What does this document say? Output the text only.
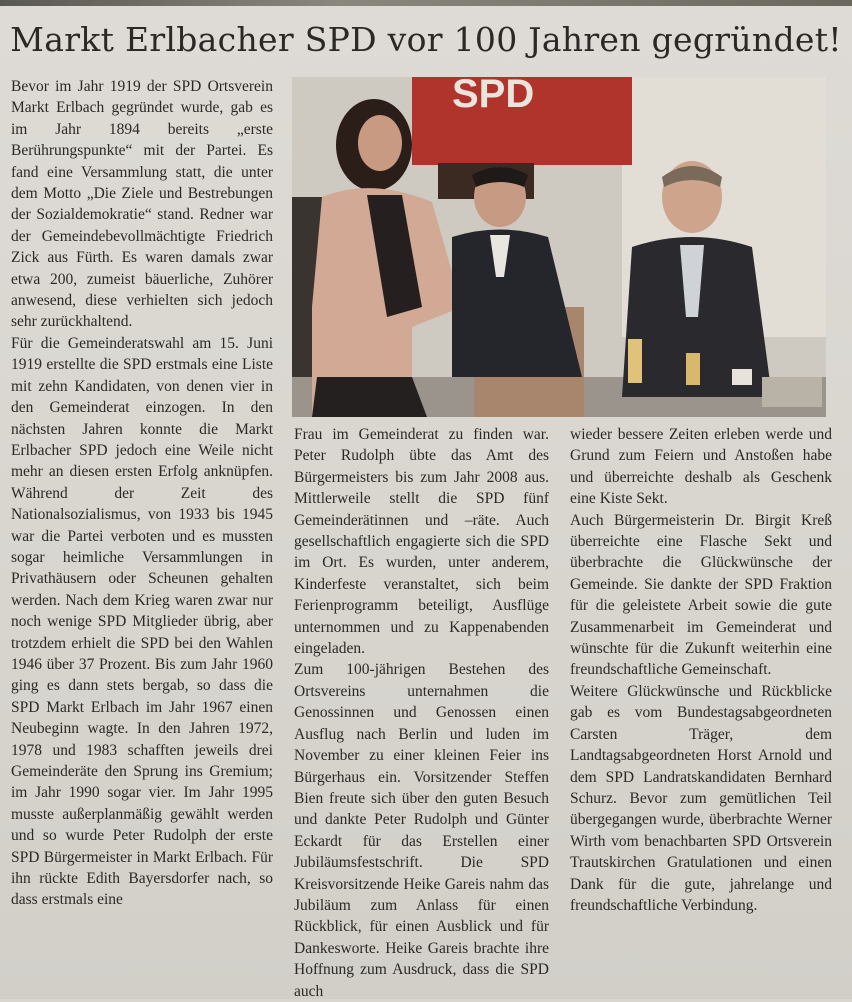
Markt Erlbacher SPD vor 100 Jahren gegründet!

Bevor im Jahr 1919 der SPD Ortsverein Markt Erlbach gegründet wurde, gab es im Jahr 1894 bereits „erste Berührungspunkte“ mit der Partei. Es fand eine Versammlung statt, die unter dem Motto „Die Ziele und Bestrebungen der Sozialdemokratie“ stand. Redner war der Gemeindebevollmächtigte Friedrich Zick aus Fürth. Es waren damals zwar etwa 200, zumeist bäuerliche, Zuhörer anwesend, diese verhielten sich jedoch sehr zurückhaltend.

Für die Gemeinderatswahl am 15. Juni 1919 erstellte die SPD erstmals eine Liste mit zehn Kandidaten, von denen vier in den Gemeinderat einzogen. In den nächsten Jahren konnte die Markt Erlbacher SPD jedoch eine Weile nicht mehr an diesen ersten Erfolg anknüpfen. Während der Zeit des Nationalsozialismus, von 1933 bis 1945 war die Partei verboten und es mussten sogar heimliche Versammlungen in Privathäusern oder Scheunen gehalten werden. Nach dem Krieg waren zwar nur noch wenige SPD Mitglieder übrig, aber trotzdem erhielt die SPD bei den Wahlen 1946 über 37 Prozent. Bis zum Jahr 1960 ging es dann stets bergab, so dass die SPD Markt Erlbach im Jahr 1967 einen Neubeginn wagte. In den Jahren 1972, 1978 und 1983 schafften jeweils drei Gemeinderäte den Sprung ins Gremium; im Jahr 1990 sogar vier. Im Jahr 1995 musste außerplanmäßig gewählt werden und so wurde Peter Rudolph der erste SPD Bürgermeister in Markt Erlbach. Für ihn rückte Edith Bayersdorfer nach, so dass erstmals eine

SPD

Frau im Gemeinderat zu finden war. Peter Rudolph übte das Amt des Bürgermeisters bis zum Jahr 2008 aus. Mittlerweile stellt die SPD fünf Gemeinderätinnen und –räte. Auch gesellschaftlich engagierte sich die SPD im Ort. Es wurden, unter anderem, Kinderfeste veranstaltet, sich beim Ferienprogramm beteiligt, Ausflüge unternommen und zu Kappenabenden eingeladen.

Zum 100-jährigen Bestehen des Ortsvereins unternahmen die Genossinnen und Genossen einen Ausflug nach Berlin und luden im November zu einer kleinen Feier ins Bürgerhaus ein. Vorsitzender Steffen Bien freute sich über den guten Besuch und dankte Peter Rudolph und Günter Eckardt für das Erstellen einer Jubiläumsfestschrift. Die SPD Kreisvorsitzende Heike Gareis nahm das Jubiläum zum Anlass für einen Rückblick, für einen Ausblick und für Dankesworte. Heike Gareis brachte ihre Hoffnung zum Ausdruck, dass die SPD auch

wieder bessere Zeiten erleben werde und Grund zum Feiern und Anstoßen habe und überreichte deshalb als Geschenk eine Kiste Sekt.

Auch Bürgermeisterin Dr. Birgit Kreß überreichte eine Flasche Sekt und überbrachte die Glückwünsche der Gemeinde. Sie dankte der SPD Fraktion für die geleistete Arbeit sowie die gute Zusammenarbeit im Gemeinderat und wünschte für die Zukunft weiterhin eine freundschaftliche Gemeinschaft.

Weitere Glückwünsche und Rückblicke gab es vom Bundestagsabgeordneten Carsten Träger, dem Landtagsabgeordneten Horst Arnold und dem SPD Landratskandidaten Bernhard Schurz. Bevor zum gemütlichen Teil übergegangen wurde, überbrachte Werner Wirth vom benachbarten SPD Ortsverein Trautskirchen Gratulationen und einen Dank für die gute, jahrelange und freundschaftliche Verbindung.
